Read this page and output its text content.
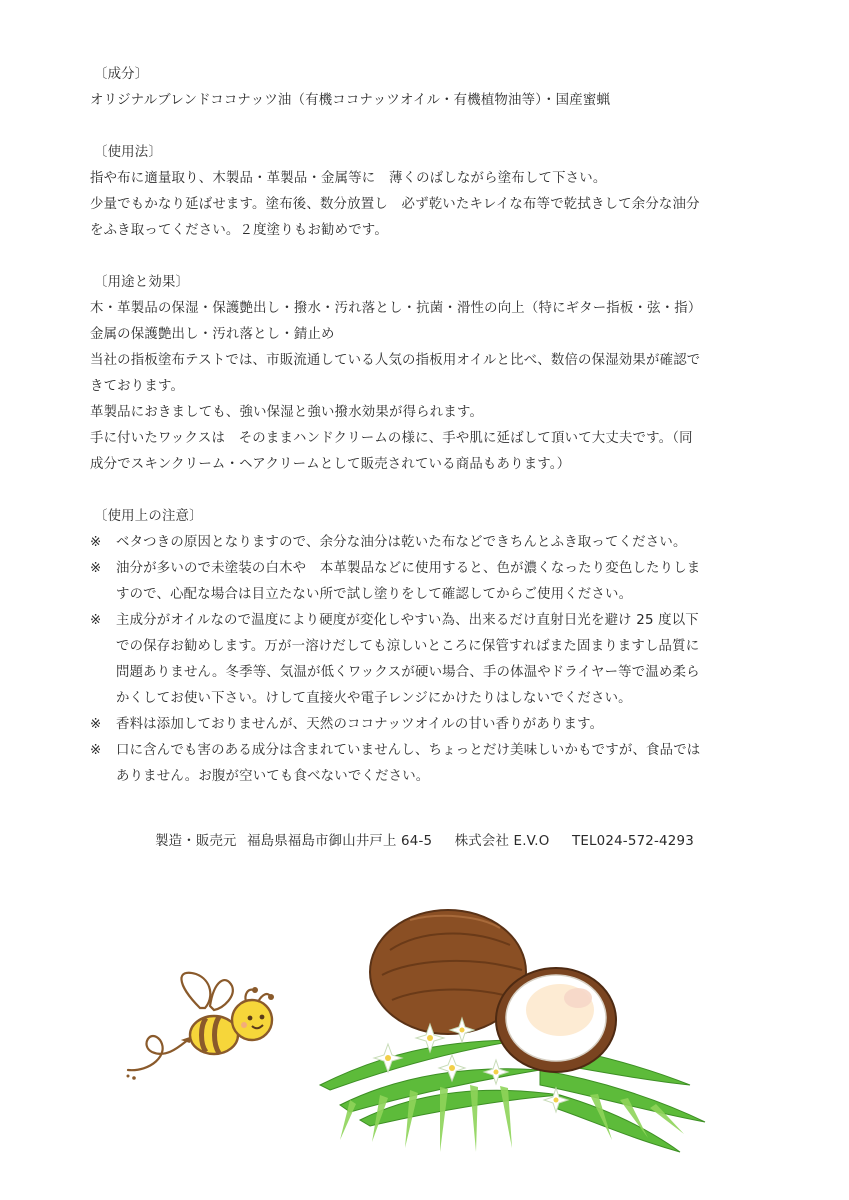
〔成分〕
オリジナルブレンドココナッツ油（有機ココナッツオイル・有機植物油等）・国産蜜蝋
〔使用法〕
指や布に適量取り、木製品・革製品・金属等に　薄くのばしながら塗布して下さい。
少量でもかなり延ばせます。塗布後、数分放置し　必ず乾いたキレイな布等で乾拭きして余分な油分
をふき取ってください。２度塗りもお勧めです。
〔用途と効果〕
木・革製品の保湿・保護艶出し・撥水・汚れ落とし・抗菌・滑性の向上（特にギター指板・弦・指）
金属の保護艶出し・汚れ落とし・錆止め
当社の指板塗布テストでは、市販流通している人気の指板用オイルと比べ、数倍の保湿効果が確認で
きております。
革製品におきましても、強い保湿と強い撥水効果が得られます。
手に付いたワックスは　そのままハンドクリームの様に、手や肌に延ばして頂いて大丈夫です。（同
成分でスキンクリーム・ヘアクリームとして販売されている商品もあります。）
〔使用上の注意〕
※ ベタつきの原因となりますので、余分な油分は乾いた布などできちんとふき取ってください。
※ 油分が多いので未塗装の白木や　本革製品などに使用すると、色が濃くなったり変色したりしま
すので、心配な場合は目立たない所で試し塗りをして確認してからご使用ください。
※ 主成分がオイルなので温度により硬度が変化しやすい為、出来るだけ直射日光を避け 25 度以下
での保存お勧めします。万が一溶けだしても涼しいところに保管すればまた固まりますし品質に
問題ありません。冬季等、気温が低くワックスが硬い場合、手の体温やドライヤー等で温め柔ら
かくしてお使い下さい。けして直接火や電子レンジにかけたりはしないでください。
※ 香料は添加しておりませんが、天然のココナッツオイルの甘い香りがあります。
※ 口に含んでも害のある成分は含まれていませんし、ちょっとだけ美味しいかもですが、食品では
ありません。お腹が空いても食べないでください。
製造・販売元 福島県福島市御山井戸上 64-5 株式会社 E.V.O TEL024-572-4293
